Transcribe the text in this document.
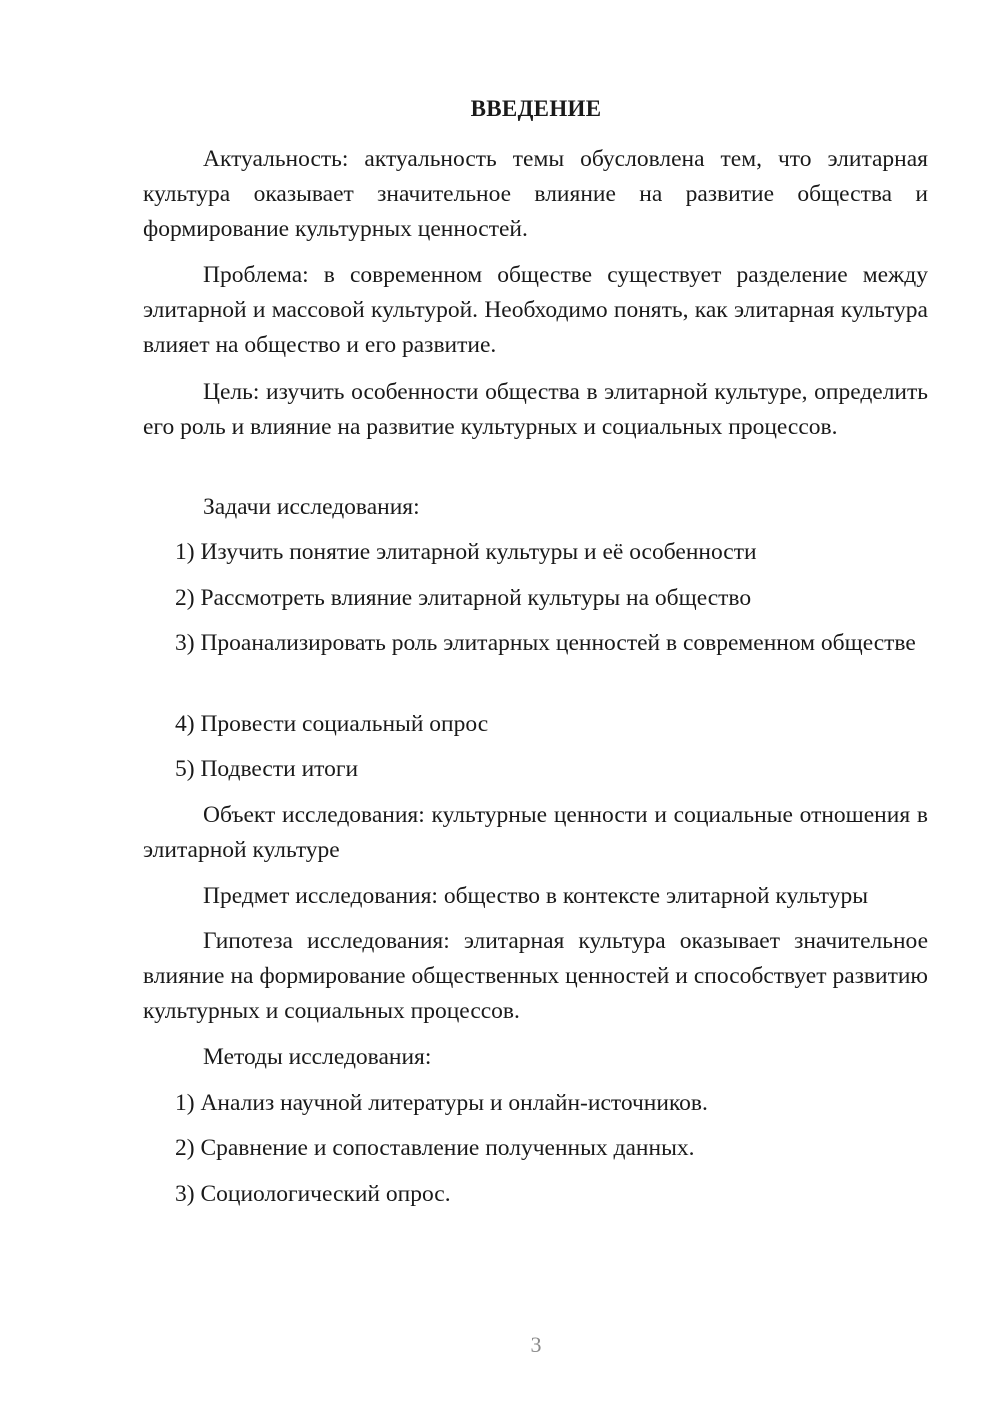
ВВЕДЕНИЕ

Актуальность: актуальность темы обусловлена тем, что элитарная культура оказывает значительное влияние на развитие общества и формирование культурных ценностей.

Проблема: в современном обществе существует разделение между элитарной и массовой культурой. Необходимо понять, как элитарная культура влияет на общество и его развитие.

Цель: изучить особенности общества в элитарной культуре, определить его роль и влияние на развитие культурных и социальных процессов.

Задачи исследования:

1) Изучить понятие элитарной культуры и её особенности

2) Рассмотреть влияние элитарной культуры на общество

3) Проанализировать роль элитарных ценностей в современном обществе

4) Провести социальный опрос

5) Подвести итоги

Объект исследования: культурные ценности и социальные отношения в элитарной культуре

Предмет исследования: общество в контексте элитарной культуры

Гипотеза исследования: элитарная культура оказывает значительное влияние на формирование общественных ценностей и способствует развитию культурных и социальных процессов.

Методы исследования:

1) Анализ научной литературы и онлайн-источников.

2) Сравнение и сопоставление полученных данных.

3) Социологический опрос.

3
